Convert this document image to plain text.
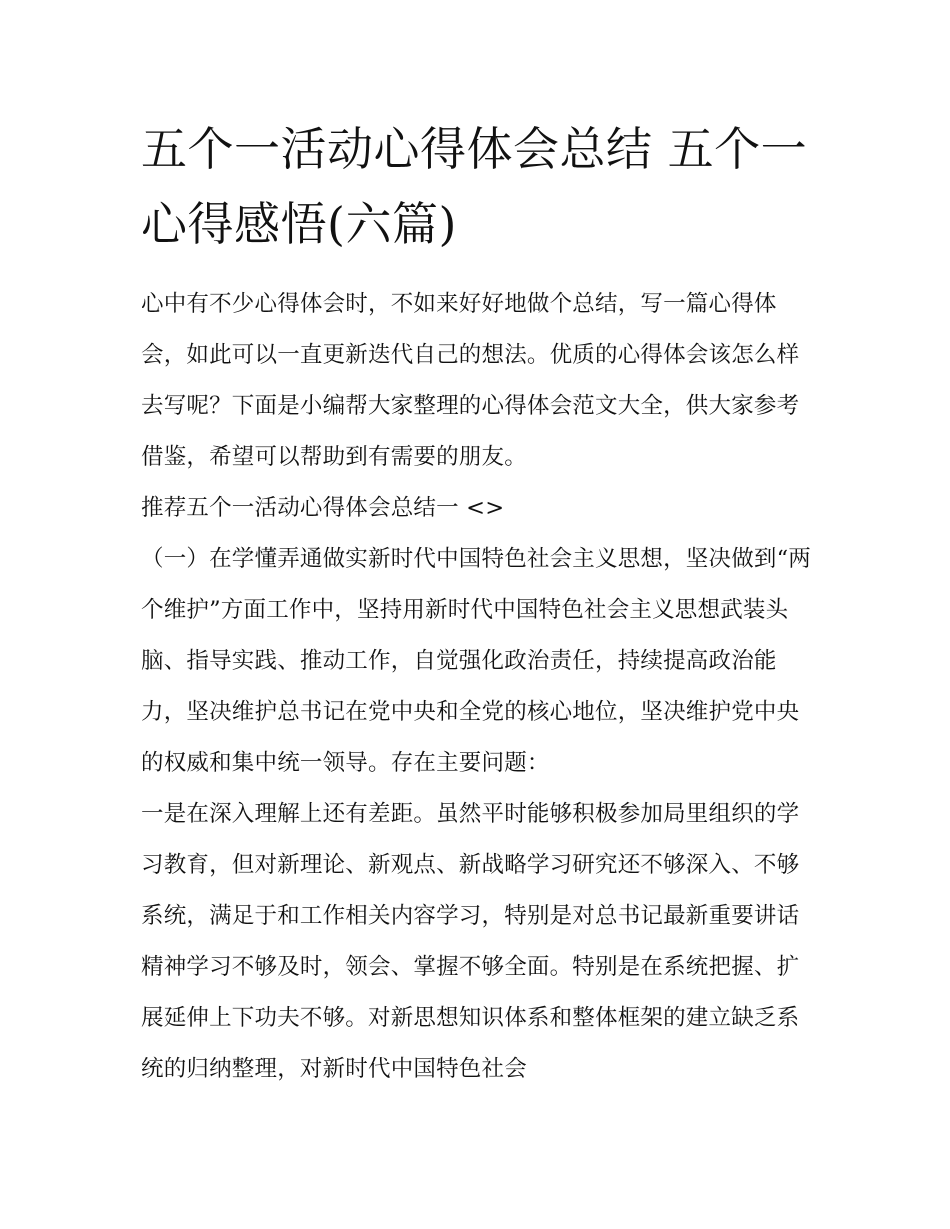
五个一活动心得体会总结 五个一心得感悟(六篇)

心中有不少心得体会时，不如来好好地做个总结，写一篇心得体会，如此可以一直更新迭代自己的想法。优质的心得体会该怎么样去写呢？下面是小编帮大家整理的心得体会范文大全，供大家参考借鉴，希望可以帮助到有需要的朋友。

推荐五个一活动心得体会总结一 <>

（一）在学懂弄通做实新时代中国特色社会主义思想，坚决做到“两个维护”方面工作中，坚持用新时代中国特色社会主义思想武装头脑、指导实践、推动工作，自觉强化政治责任，持续提高政治能力，坚决维护总书记在党中央和全党的核心地位，坚决维护党中央的权威和集中统一领导。存在主要问题：

一是在深入理解上还有差距。虽然平时能够积极参加局里组织的学习教育，但对新理论、新观点、新战略学习研究还不够深入、不够系统，满足于和工作相关内容学习，特别是对总书记最新重要讲话精神学习不够及时，领会、掌握不够全面。特别是在系统把握、扩展延伸上下功夫不够。对新思想知识体系和整体框架的建立缺乏系统的归纳整理，对新时代中国特色社会
